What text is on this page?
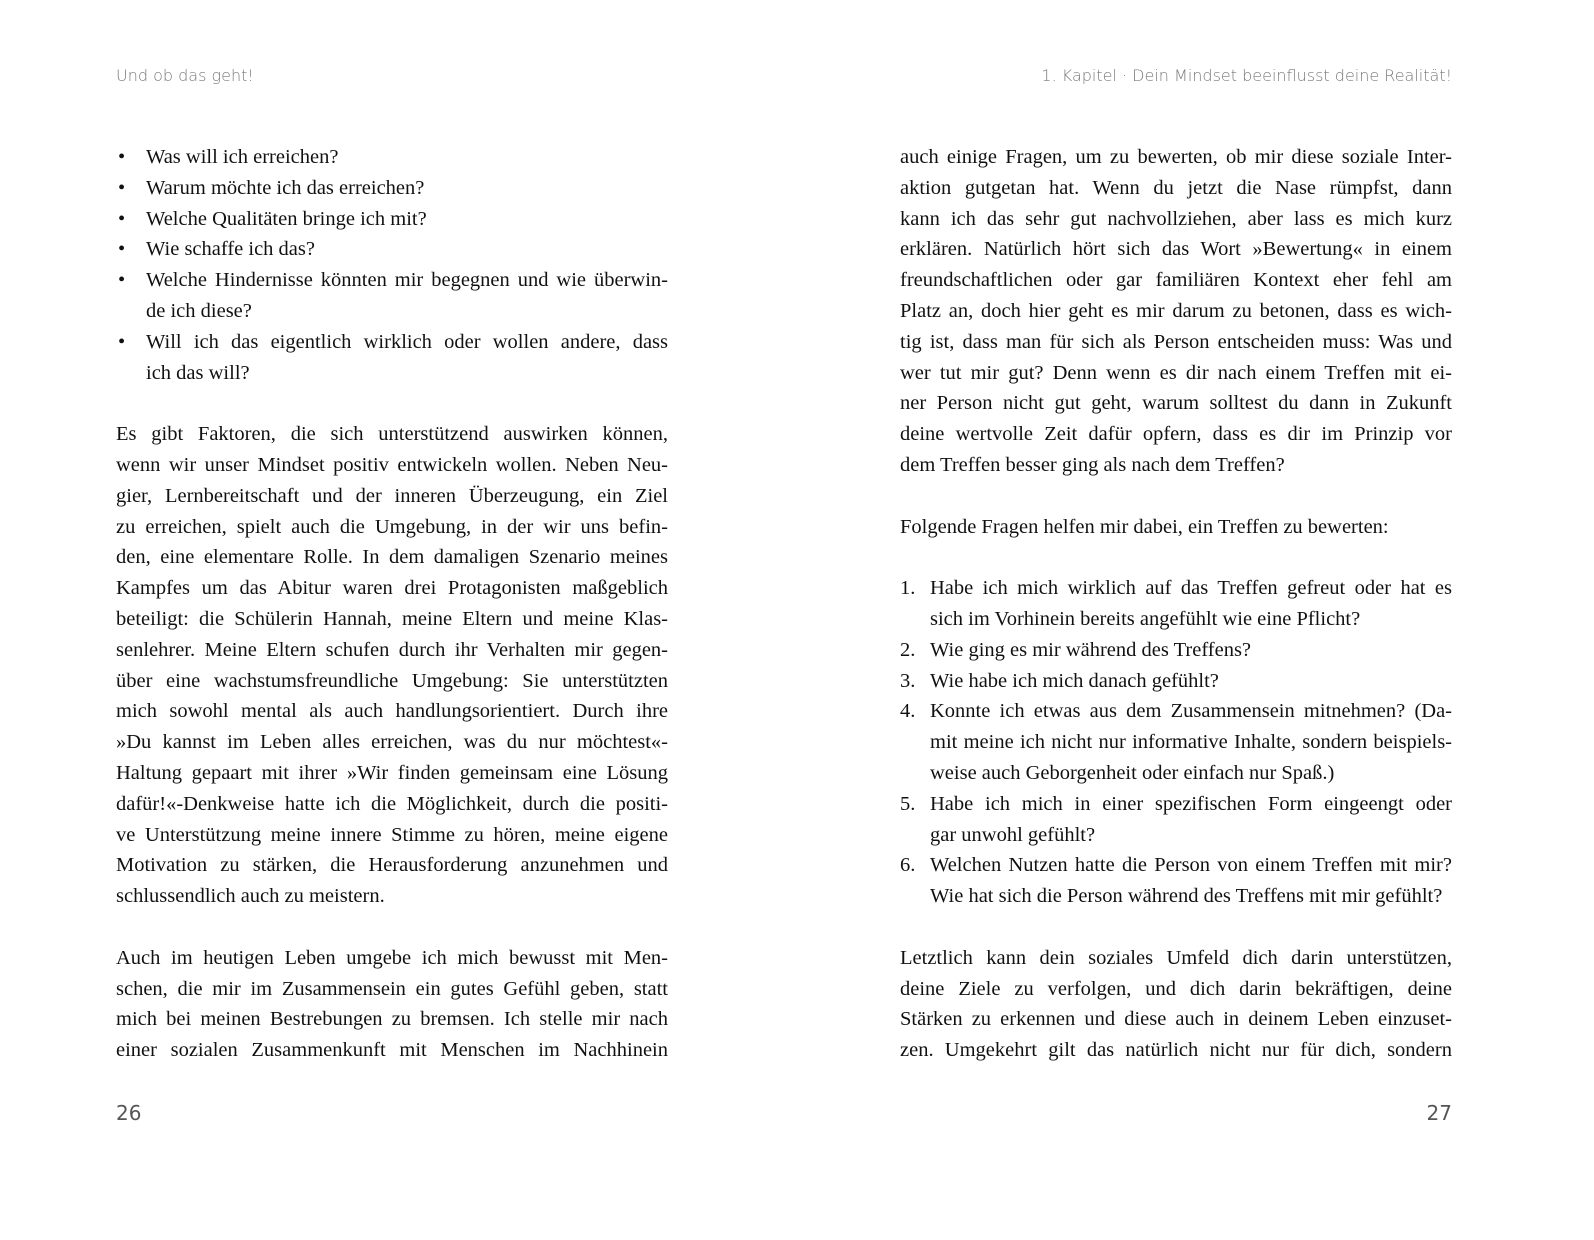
Und ob das geht!	1. Kapitel · Dein Mindset beeinflusst deine Realität!
• Was will ich erreichen?
• Warum möchte ich das erreichen?
• Welche Qualitäten bringe ich mit?
• Wie schaffe ich das?
• Welche Hindernisse könnten mir begegnen und wie überwin-
de ich diese?
• Will ich das eigentlich wirklich oder wollen andere, dass
ich das will?
Es gibt Faktoren, die sich unterstützend auswirken können,
wenn wir unser Mindset positiv entwickeln wollen. Neben Neu-
gier, Lernbereitschaft und der inneren Überzeugung, ein Ziel
zu erreichen, spielt auch die Umgebung, in der wir uns befin-
den, eine elementare Rolle. In dem damaligen Szenario meines
Kampfes um das Abitur waren drei Protagonisten maßgeblich
beteiligt: die Schülerin Hannah, meine Eltern und meine Klas-
senlehrer. Meine Eltern schufen durch ihr Verhalten mir gegen-
über eine wachstumsfreundliche Umgebung: Sie unterstützten
mich sowohl mental als auch handlungsorientiert. Durch ihre
»Du kannst im Leben alles erreichen, was du nur möchtest«-
Haltung gepaart mit ihrer »Wir finden gemeinsam eine Lösung
dafür!«-Denkweise hatte ich die Möglichkeit, durch die positi-
ve Unterstützung meine innere Stimme zu hören, meine eigene
Motivation zu stärken, die Herausforderung anzunehmen und
schlussendlich auch zu meistern.
Auch im heutigen Leben umgebe ich mich bewusst mit Men-
schen, die mir im Zusammensein ein gutes Gefühl geben, statt
mich bei meinen Bestrebungen zu bremsen. Ich stelle mir nach
einer sozialen Zusammenkunft mit Menschen im Nachhinein
auch einige Fragen, um zu bewerten, ob mir diese soziale Inter-
aktion gutgetan hat. Wenn du jetzt die Nase rümpfst, dann
kann ich das sehr gut nachvollziehen, aber lass es mich kurz
erklären. Natürlich hört sich das Wort »Bewertung« in einem
freundschaftlichen oder gar familiären Kontext eher fehl am
Platz an, doch hier geht es mir darum zu betonen, dass es wich-
tig ist, dass man für sich als Person entscheiden muss: Was und
wer tut mir gut? Denn wenn es dir nach einem Treffen mit ei-
ner Person nicht gut geht, warum solltest du dann in Zukunft
deine wertvolle Zeit dafür opfern, dass es dir im Prinzip vor
dem Treffen besser ging als nach dem Treffen?
Folgende Fragen helfen mir dabei, ein Treffen zu bewerten:
1. Habe ich mich wirklich auf das Treffen gefreut oder hat es
sich im Vorhinein bereits angefühlt wie eine Pflicht?
2. Wie ging es mir während des Treffens?
3. Wie habe ich mich danach gefühlt?
4. Konnte ich etwas aus dem Zusammensein mitnehmen? (Da-
mit meine ich nicht nur informative Inhalte, sondern beispiels-
weise auch Geborgenheit oder einfach nur Spaß.)
5. Habe ich mich in einer spezifischen Form eingeengt oder
gar unwohl gefühlt?
6. Welchen Nutzen hatte die Person von einem Treffen mit mir?
Wie hat sich die Person während des Treffens mit mir gefühlt?
Letztlich kann dein soziales Umfeld dich darin unterstützen,
deine Ziele zu verfolgen, und dich darin bekräftigen, deine
Stärken zu erkennen und diese auch in deinem Leben einzuset-
zen. Umgekehrt gilt das natürlich nicht nur für dich, sondern
26	27
